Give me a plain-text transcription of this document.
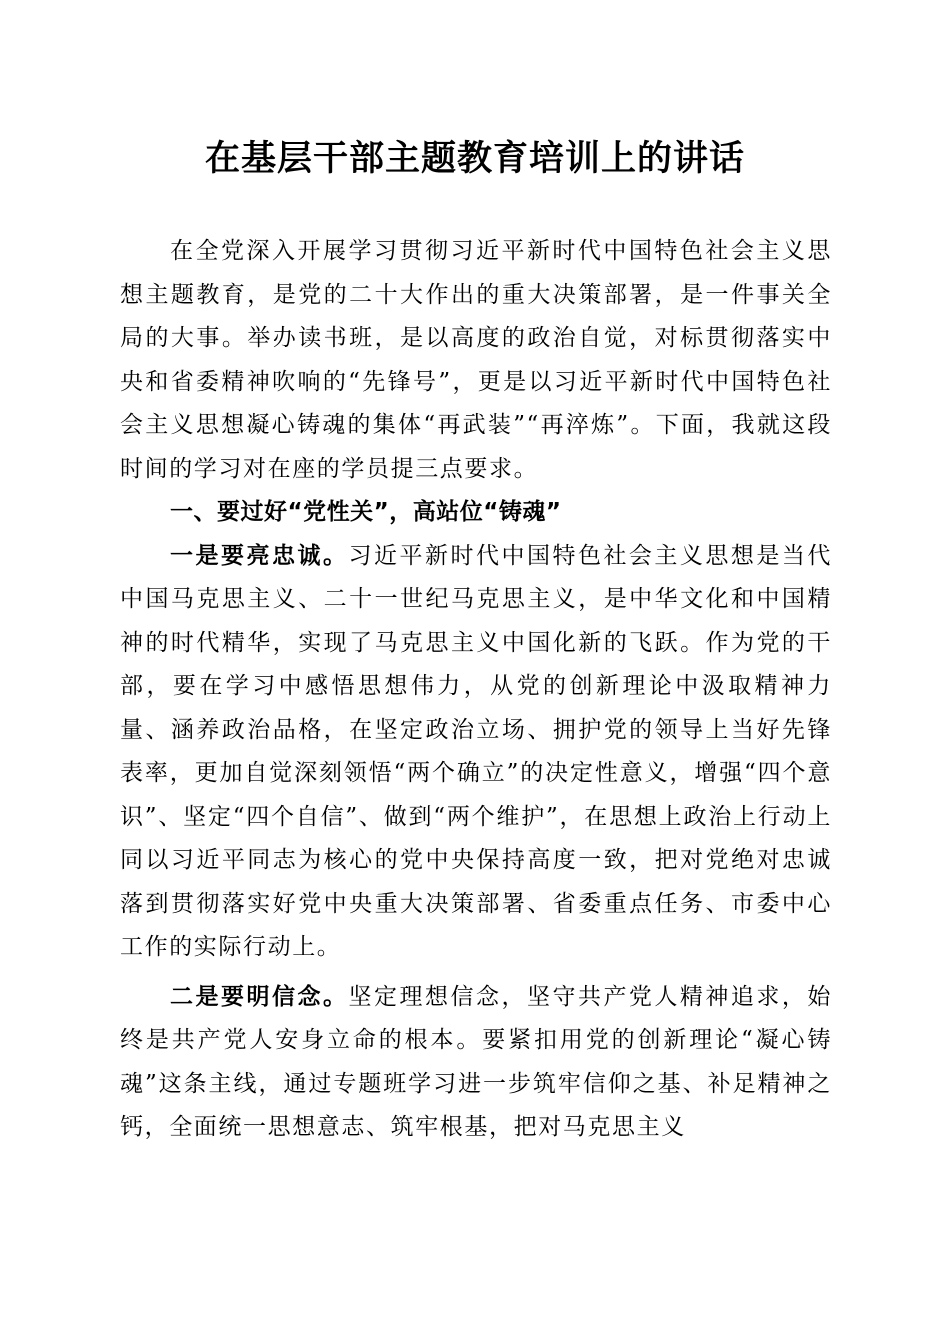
在基层干部主题教育培训上的讲话

在全党深入开展学习贯彻习近平新时代中国特色社会主义思想主题教育，是党的二十大作出的重大决策部署，是一件事关全局的大事。举办读书班，是以高度的政治自觉，对标贯彻落实中央和省委精神吹响的“先锋号”，更是以习近平新时代中国特色社会主义思想凝心铸魂的集体“再武装”“再淬炼”。下面，我就这段时间的学习对在座的学员提三点要求。

一、要过好“党性关”，高站位“铸魂”

一是要亮忠诚。习近平新时代中国特色社会主义思想是当代中国马克思主义、二十一世纪马克思主义，是中华文化和中国精神的时代精华，实现了马克思主义中国化新的飞跃。作为党的干部，要在学习中感悟思想伟力，从党的创新理论中汲取精神力量、涵养政治品格，在坚定政治立场、拥护党的领导上当好先锋表率，更加自觉深刻领悟“两个确立”的决定性意义，增强“四个意识”、坚定“四个自信”、做到“两个维护”，在思想上政治上行动上同以习近平同志为核心的党中央保持高度一致，把对党绝对忠诚落到贯彻落实好党中央重大决策部署、省委重点任务、市委中心工作的实际行动上。

二是要明信念。坚定理想信念，坚守共产党人精神追求，始终是共产党人安身立命的根本。要紧扣用党的创新理论“凝心铸魂”这条主线，通过专题班学习进一步筑牢信仰之基、补足精神之钙，全面统一思想意志、筑牢根基，把对马克思主义
